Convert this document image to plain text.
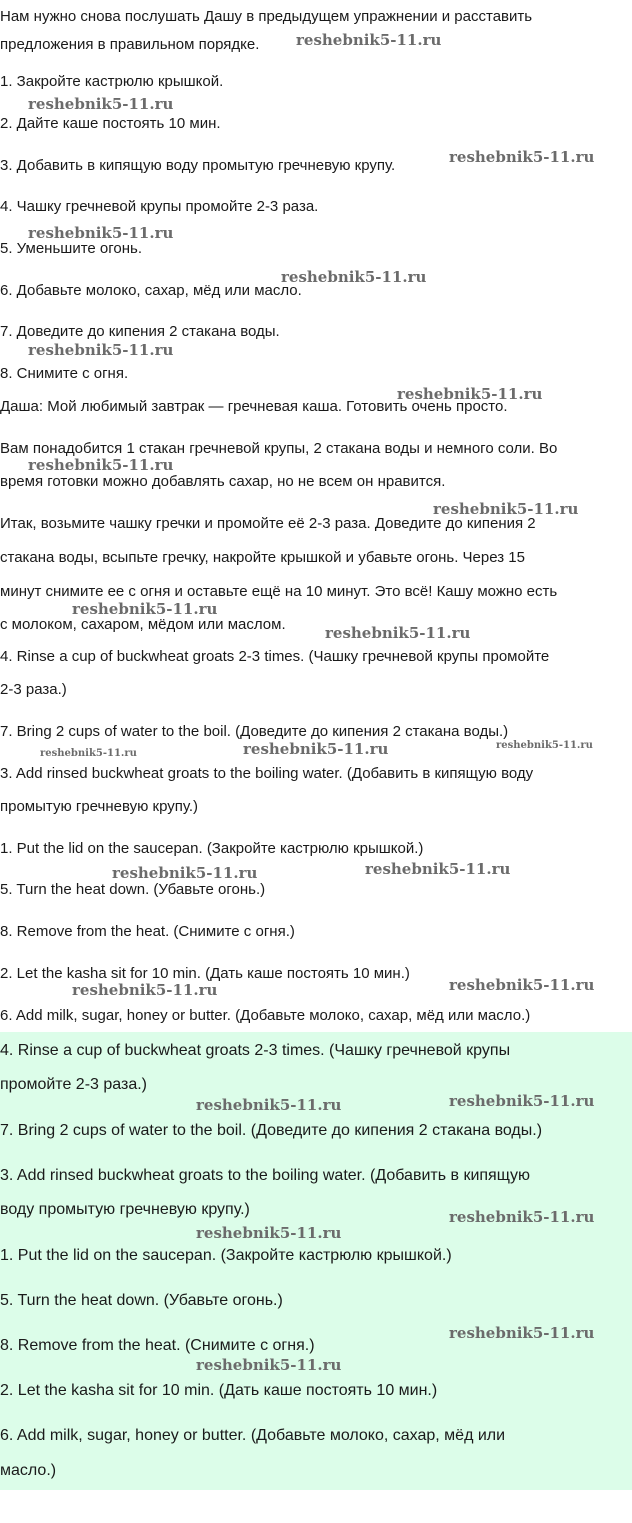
Нам нужно снова послушать Дашу в предыдущем упражнении и расставить
предложения в правильном порядке.
1. Закройте кастрюлю крышкой.
2. Дайте каше постоять 10 мин.
3. Добавить в кипящую воду промытую гречневую крупу.
4. Чашку гречневой крупы промойте 2-3 раза.
5. Уменьшите огонь.
6. Добавьте молоко, сахар, мёд или масло.
7. Доведите до кипения 2 стакана воды.
8. Снимите с огня.
Даша: Мой любимый завтрак — гречневая каша. Готовить очень просто.
Вам понадобится 1 стакан гречневой крупы, 2 стакана воды и немного соли. Во
время готовки можно добавлять сахар, но не всем он нравится.
Итак, возьмите чашку гречки и промойте её 2-3 раза. Доведите до кипения 2
стакана воды, всыпьте гречку, накройте крышкой и убавьте огонь. Через 15
минут снимите ее с огня и оставьте ещё на 10 минут. Это всё! Кашу можно есть
с молоком, сахаром, мёдом или маслом.
4. Rinse a cup of buckwheat groats 2-3 times. (Чашку гречневой крупы промойте
2-3 раза.)
7. Bring 2 cups of water to the boil. (Доведите до кипения 2 стакана воды.)
3. Add rinsed buckwheat groats to the boiling water. (Добавить в кипящую воду
промытую гречневую крупу.)
1. Put the lid on the saucepan. (Закройте кастрюлю крышкой.)
5. Turn the heat down. (Убавьте огонь.)
8. Remove from the heat. (Снимите с огня.)
2. Let the kasha sit for 10 min. (Дать каше постоять 10 мин.)
6. Add milk, sugar, honey or butter. (Добавьте молоко, сахар, мёд или масло.)
4. Rinse a cup of buckwheat groats 2-3 times. (Чашку гречневой крупы
промойте 2-3 раза.)
7. Bring 2 cups of water to the boil. (Доведите до кипения 2 стакана воды.)
3. Add rinsed buckwheat groats to the boiling water. (Добавить в кипящую
воду промытую гречневую крупу.)
1. Put the lid on the saucepan. (Закройте кастрюлю крышкой.)
5. Turn the heat down. (Убавьте огонь.)
8. Remove from the heat. (Снимите с огня.)
2. Let the kasha sit for 10 min. (Дать каше постоять 10 мин.)
6. Add milk, sugar, honey or butter. (Добавьте молоко, сахар, мёд или
масло.)
reshebnik5-11.ru
reshebnik5-11.ru
reshebnik5-11.ru
reshebnik5-11.ru
reshebnik5-11.ru
reshebnik5-11.ru
reshebnik5-11.ru
reshebnik5-11.ru
reshebnik5-11.ru
reshebnik5-11.ru
reshebnik5-11.ru
reshebnik5-11.ru	reshebnik5-11.ru	reshebnik5-11.ru
reshebnik5-11.ru	reshebnik5-11.ru
reshebnik5-11.ru	reshebnik5-11.ru
reshebnik5-11.ru	reshebnik5-11.ru
reshebnik5-11.ru
reshebnik5-11.ru
reshebnik5-11.ru
reshebnik5-11.ru
